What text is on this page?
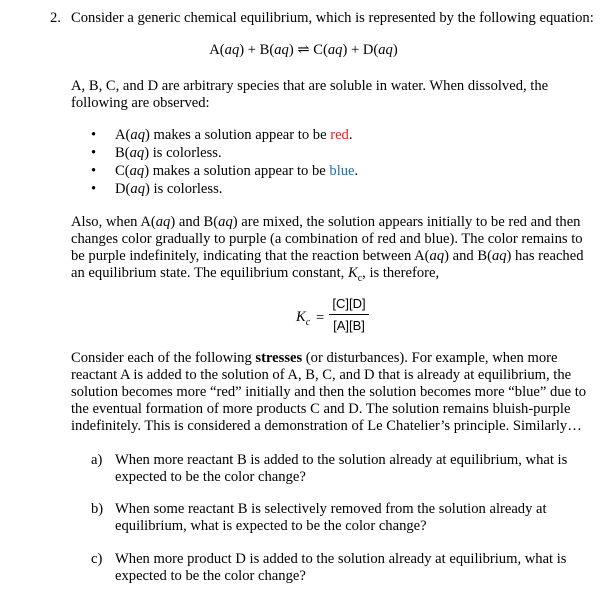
2. Consider a generic chemical equilibrium, which is represented by the following equation:
A(aq) + B(aq) ⇌ C(aq) + D(aq)
A, B, C, and D are arbitrary species that are soluble in water. When dissolved, the
following are observed:
•	A(aq) makes a solution appear to be red.
•	B(aq) is colorless.
•	C(aq) makes a solution appear to be blue.
•	D(aq) is colorless.
Also, when A(aq) and B(aq) are mixed, the solution appears initially to be red and then
changes color gradually to purple (a combination of red and blue). The color remains to
be purple indefinitely, indicating that the reaction between A(aq) and B(aq) has reached
an equilibrium state. The equilibrium constant, $K_c$, is therefore,
$K_c$ =
[C][D]
[A][B]
Consider each of the following stresses (or disturbances). For example, when more
reactant A is added to the solution of A, B, C, and D that is already at equilibrium, the
solution becomes more “red” initially and then the solution becomes more “blue” due to
the eventual formation of more products C and D. The solution remains bluish-purple
indefinitely. This is considered a demonstration of Le Chatelier’s principle. Similarly…
a) When more reactant B is added to the solution already at equilibrium, what is
expected to be the color change?
b) When some reactant B is selectively removed from the solution already at
equilibrium, what is expected to be the color change?
c) When more product D is added to the solution already at equilibrium, what is
expected to be the color change?
